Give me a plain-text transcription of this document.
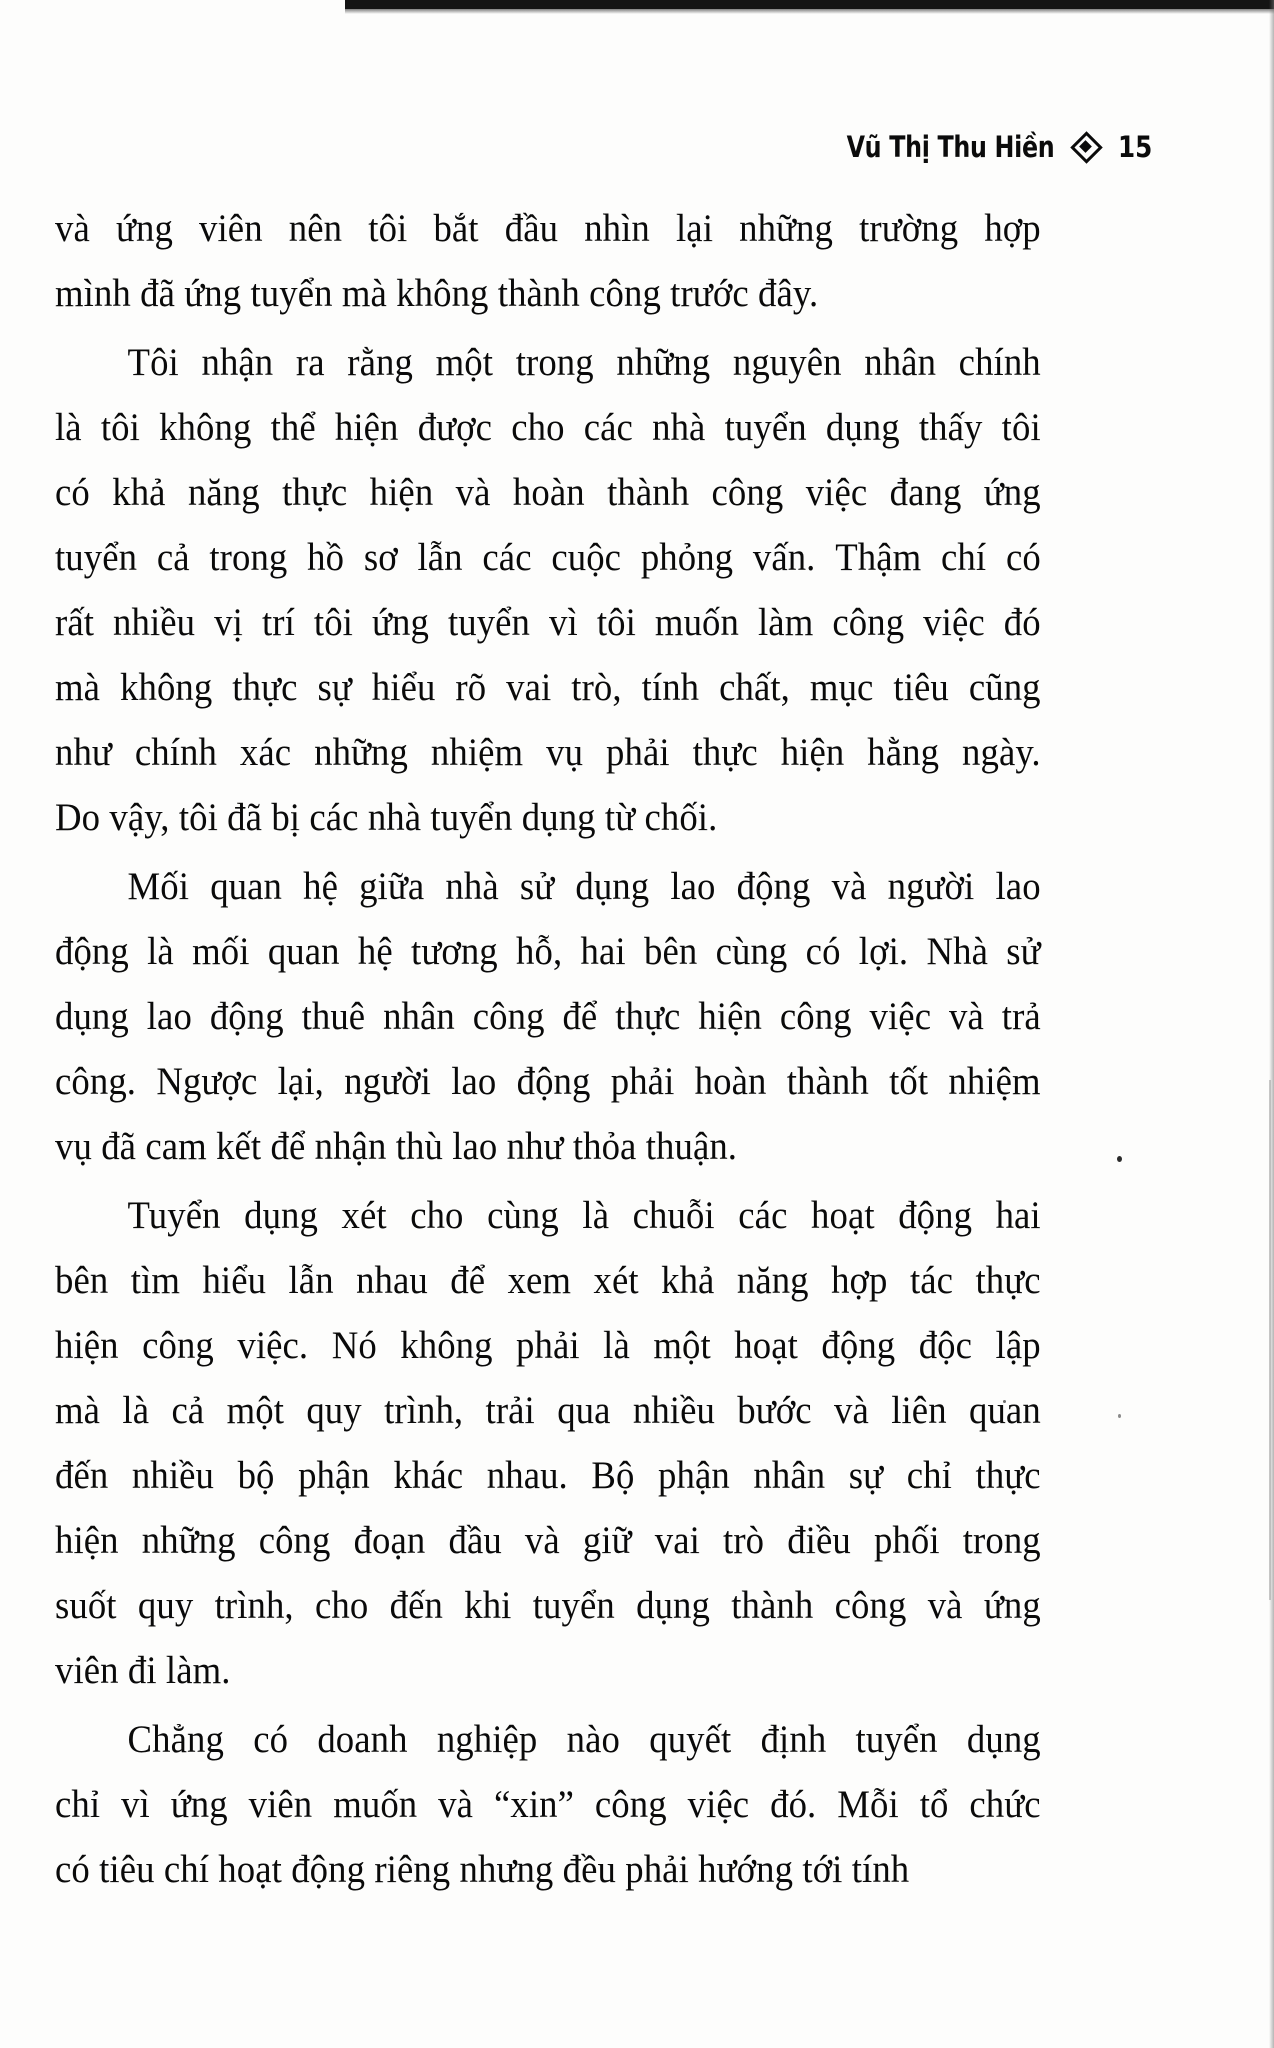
Vũ Thị Thu Hiền 15

và ứng viên nên tôi bắt đầu nhìn lại những trường hợp
mình đã ứng tuyển mà không thành công trước đây.

Tôi nhận ra rằng một trong những nguyên nhân chính
là tôi không thể hiện được cho các nhà tuyển dụng thấy tôi
có khả năng thực hiện và hoàn thành công việc đang ứng
tuyển cả trong hồ sơ lẫn các cuộc phỏng vấn. Thậm chí có
rất nhiều vị trí tôi ứng tuyển vì tôi muốn làm công việc đó
mà không thực sự hiểu rõ vai trò, tính chất, mục tiêu cũng
như chính xác những nhiệm vụ phải thực hiện hằng ngày.
Do vậy, tôi đã bị các nhà tuyển dụng từ chối.

Mối quan hệ giữa nhà sử dụng lao động và người lao
động là mối quan hệ tương hỗ, hai bên cùng có lợi. Nhà sử
dụng lao động thuê nhân công để thực hiện công việc và trả
công. Ngược lại, người lao động phải hoàn thành tốt nhiệm
vụ đã cam kết để nhận thù lao như thỏa thuận.

Tuyển dụng xét cho cùng là chuỗi các hoạt động hai
bên tìm hiểu lẫn nhau để xem xét khả năng hợp tác thực
hiện công việc. Nó không phải là một hoạt động độc lập
mà là cả một quy trình, trải qua nhiều bước và liên quan
đến nhiều bộ phận khác nhau. Bộ phận nhân sự chỉ thực
hiện những công đoạn đầu và giữ vai trò điều phối trong
suốt quy trình, cho đến khi tuyển dụng thành công và ứng
viên đi làm.

Chẳng có doanh nghiệp nào quyết định tuyển dụng
chỉ vì ứng viên muốn và “xin” công việc đó. Mỗi tổ chức
có tiêu chí hoạt động riêng nhưng đều phải hướng tới tính
